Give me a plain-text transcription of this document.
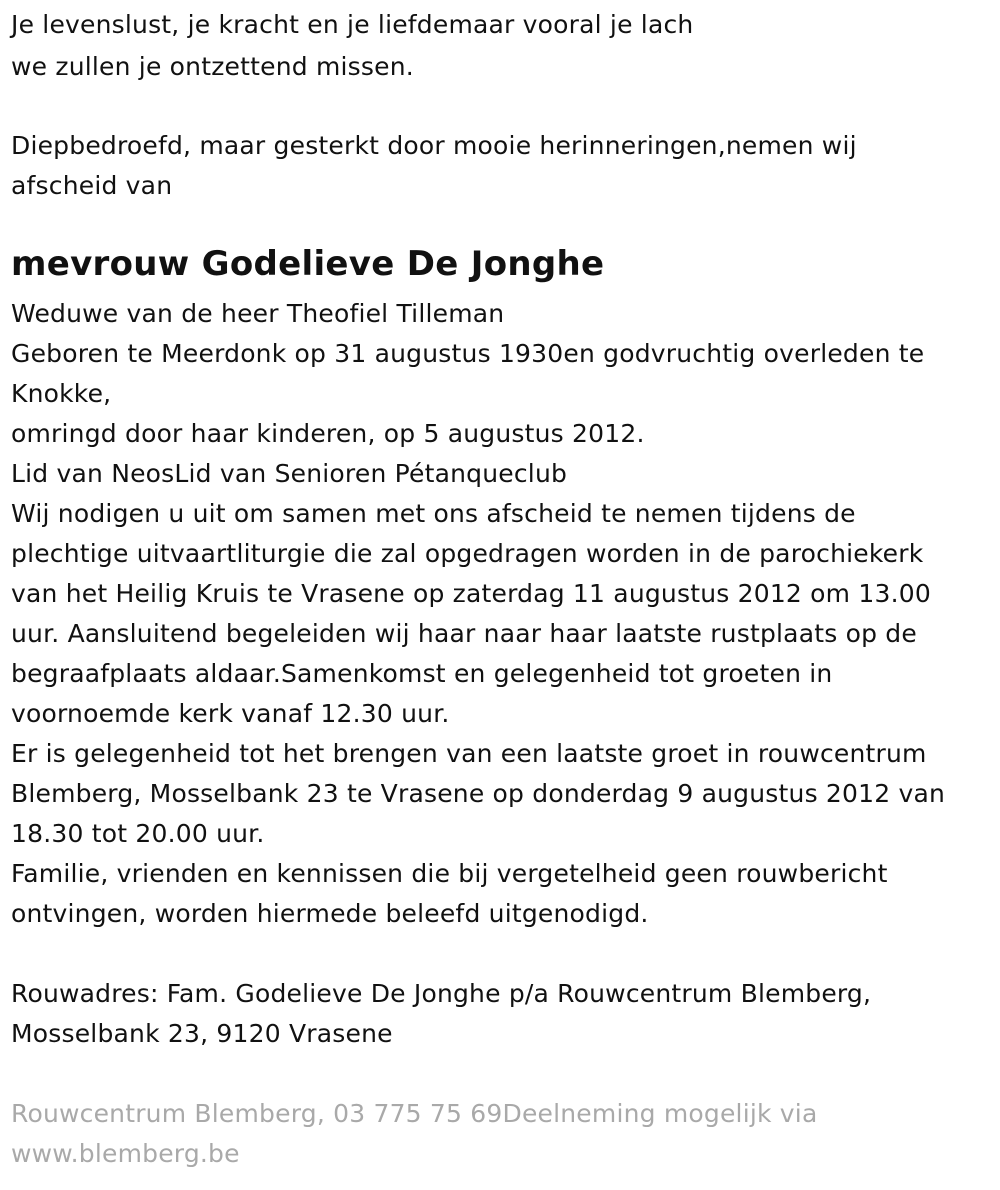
Je levenslust, je kracht en je liefdemaar vooral je lach
we zullen je ontzettend missen.
Diepbedroefd, maar gesterkt door mooie herinneringen,nemen wij
afscheid van
mevrouw Godelieve De Jonghe
Weduwe van de heer Theofiel Tilleman
Geboren te Meerdonk op 31 augustus 1930en godvruchtig overleden te
Knokke,
omringd door haar kinderen, op 5 augustus 2012.
Lid van NeosLid van Senioren Pétanqueclub
Wij nodigen u uit om samen met ons afscheid te nemen tijdens de
plechtige uitvaartliturgie die zal opgedragen worden in de parochiekerk
van het Heilig Kruis te Vrasene op zaterdag 11 augustus 2012 om 13.00
uur. Aansluitend begeleiden wij haar naar haar laatste rustplaats op de
begraafplaats aldaar.Samenkomst en gelegenheid tot groeten in
voornoemde kerk vanaf 12.30 uur.
Er is gelegenheid tot het brengen van een laatste groet in rouwcentrum
Blemberg, Mosselbank 23 te Vrasene op donderdag 9 augustus 2012 van
18.30 tot 20.00 uur.
Familie, vrienden en kennissen die bij vergetelheid geen rouwbericht
ontvingen, worden hiermede beleefd uitgenodigd.
Rouwadres: Fam. Godelieve De Jonghe p/a Rouwcentrum Blemberg,
Mosselbank 23, 9120 Vrasene
Rouwcentrum Blemberg, 03 775 75 69Deelneming mogelijk via
www.blemberg.be
